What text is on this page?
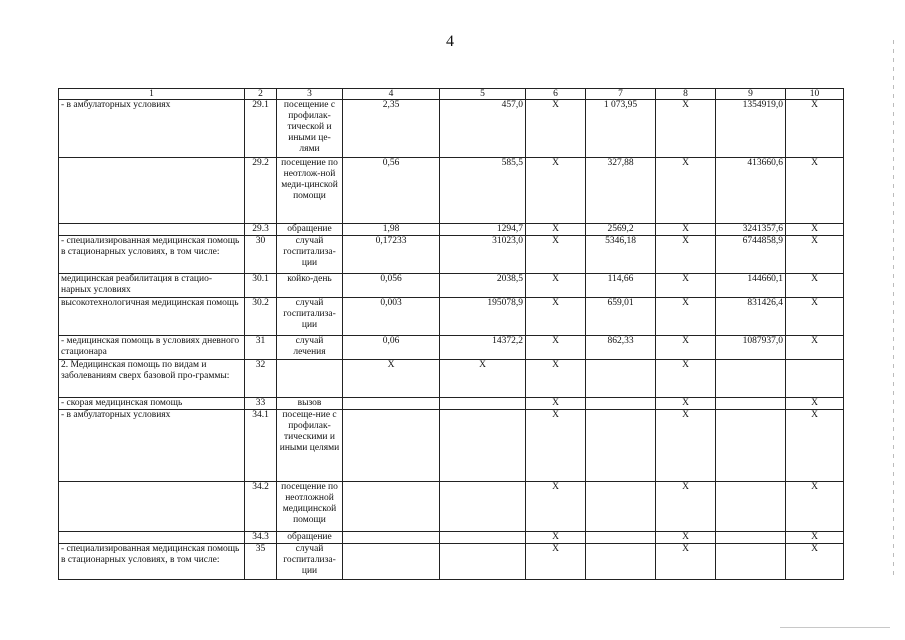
4
1	2	3	4	5	6	7	8	9	10
- в амбулаторных условиях	29.1	посещение с профилак-тической и иными це-лями	2,35	457,0	X	1 073,95	X	1354919,0	X
	29.2	посещение по неотлож-ной меди-цинской помощи	0,56	585,5	X	327,88	X	413660,6	X
	29.3	обращение	1,98	1294,7	X	2569,2	X	3241357,6	X
- специализированная медицинская помощь в стационарных условиях, в том числе:	30	случай госпитализа-ции	0,17233	31023,0	X	5346,18	X	6744858,9	X
медицинская реабилитация в стацио-нарных условиях	30.1	койко-день	0,056	2038,5	X	114,66	X	144660,1	X
высокотехнологичная медицинская помощь	30.2	случай госпитализа-ции	0,003	195078,9	X	659,01	X	831426,4	X
- медицинская помощь в условиях дневного стационара	31	случай лечения	0,06	14372,2	X	862,33	X	1087937,0	X
2. Медицинская помощь по видам и заболеваниям сверх базовой про-граммы:	32		X	X	X		X		
- скорая медицинская помощь	33	вызов			X		X		X
- в амбулаторных условиях	34.1	посеще-ние с профилак-тическими и иными целями			X		X		X
	34.2	посещение по неотложной медицинской помощи			X		X		X
	34.3	обращение			X		X		X
- специализированная медицинская помощь в стационарных условиях, в том числе:	35	случай госпитализа-ции			X		X		X
